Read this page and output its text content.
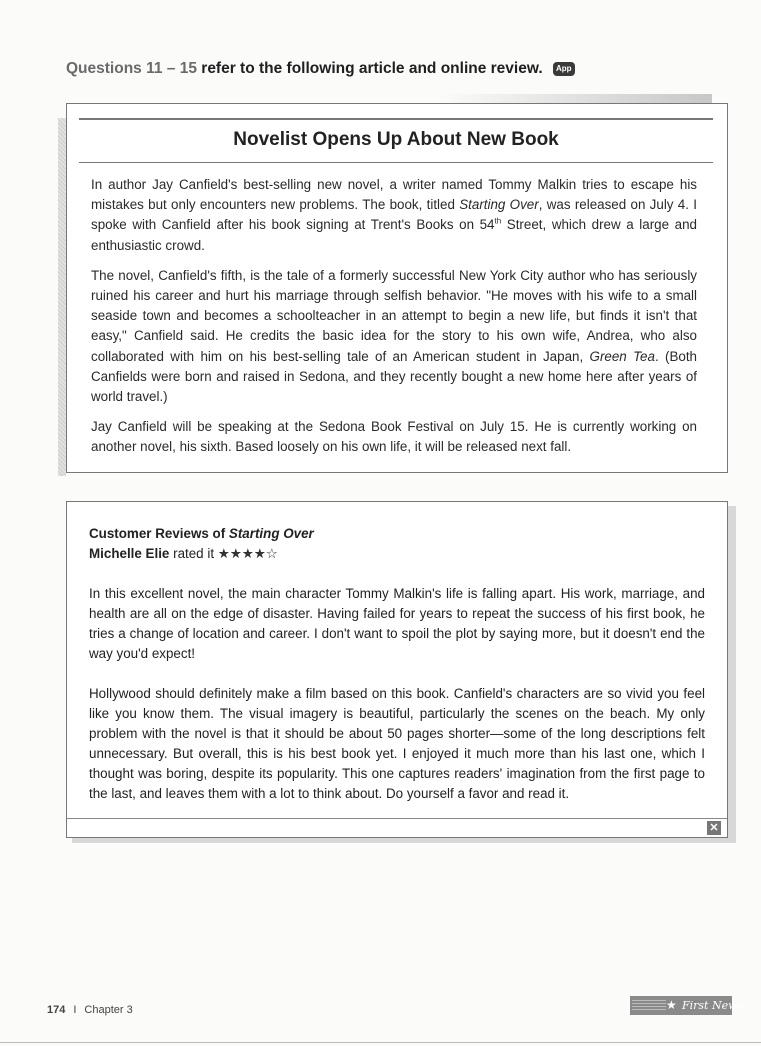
Questions 11 – 15 refer to the following article and online review. App
Novelist Opens Up About New Book

In author Jay Canfield's best-selling new novel, a writer named Tommy Malkin tries to escape his mistakes but only encounters new problems. The book, titled Starting Over, was released on July 4. I spoke with Canfield after his book signing at Trent's Books on 54th Street, which drew a large and enthusiastic crowd.

The novel, Canfield's fifth, is the tale of a formerly successful New York City author who has seriously ruined his career and hurt his marriage through selfish behavior. "He moves with his wife to a small seaside town and becomes a schoolteacher in an attempt to begin a new life, but finds it isn't that easy," Canfield said. He credits the basic idea for the story to his own wife, Andrea, who also collaborated with him on his best-selling tale of an American student in Japan, Green Tea. (Both Canfields were born and raised in Sedona, and they recently bought a new home here after years of world travel.)

Jay Canfield will be speaking at the Sedona Book Festival on July 15. He is currently working on another novel, his sixth. Based loosely on his own life, it will be released next fall.

Customer Reviews of Starting Over
Michelle Elie rated it ★★★★☆

In this excellent novel, the main character Tommy Malkin's life is falling apart. His work, marriage, and health are all on the edge of disaster. Having failed for years to repeat the success of his first book, he tries a change of location and career. I don't want to spoil the plot by saying more, but it doesn't end the way you'd expect!

Hollywood should definitely make a film based on this book. Canfield's characters are so vivid you feel like you know them. The visual imagery is beautiful, particularly the scenes on the beach. My only problem with the novel is that it should be about 50 pages shorter—some of the long descriptions felt unnecessary. But overall, this is his best book yet. I enjoyed it much more than his last one, which I thought was boring, despite its popularity. This one captures readers' imagination from the first page to the last, and leaves them with a lot to think about. Do yourself a favor and read it.

✕
174 I Chapter 3	★ First News
